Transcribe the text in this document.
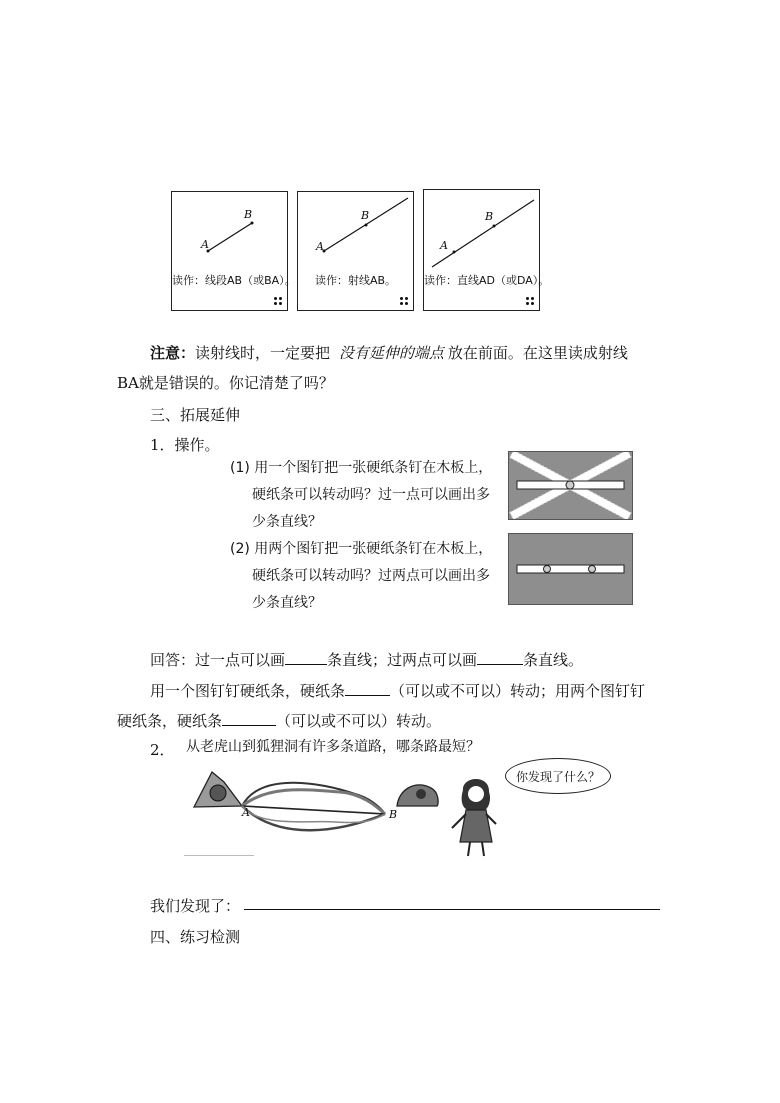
A
B
读作：线段AB（或BA）。
A
B
读作：射线AB。
A
B
读作：直线AD（或DA）。
注意：读射线时，一定要把 没有延伸的端点 放在前面。在这里读成射线
BA就是错误的。你记清楚了吗？
三、拓展延伸
1．操作。
(1) 用一个图钉把一张硬纸条钉在木板上，
硬纸条可以转动吗？过一点可以画出多
少条直线？
(2) 用两个图钉把一张硬纸条钉在木板上，
硬纸条可以转动吗？过两点可以画出多
少条直线？
回答：过一点可以画	条直线；过两点可以画	条直线。
用一个图钉钉硬纸条，硬纸条	（可以或不可以）转动；用两个图钉钉
硬纸条，硬纸条	（可以或不可以）转动。
2． 从老虎山到狐狸洞有许多条道路，哪条路最短？
A	B
你发现了什么？
我们发现了：
四、练习检测
